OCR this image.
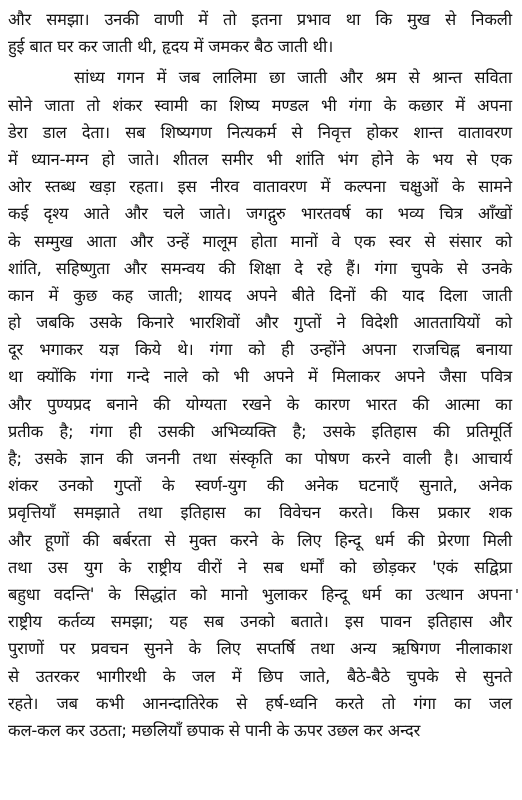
और समझा। उनकी वाणी में तो इतना प्रभाव था कि मुख से निकली
हुई बात घर कर जाती थी, हृदय में जमकर बैठ जाती थी।
सांध्य गगन में जब लालिमा छा जाती और श्रम से श्रान्त सविता
सोने जाता तो शंकर स्वामी का शिष्य मण्डल भी गंगा के कछार में अपना
डेरा डाल देता। सब शिष्यगण नित्यकर्म से निवृत्त होकर शान्त वातावरण
में ध्यान-मग्न हो जाते। शीतल समीर भी शांति भंग होने के भय से एक
ओर स्तब्ध खड़ा रहता। इस नीरव वातावरण में कल्पना चक्षुओं के सामने
कई दृश्य आते और चले जाते। जगद्गुरु भारतवर्ष का भव्य चित्र आँखों
के सम्मुख आता और उन्हें मालूम होता मानों वे एक स्वर से संसार को
शांति, सहिष्णुता और समन्वय की शिक्षा दे रहे हैं। गंगा चुपके से उनके
कान में कुछ कह जाती; शायद अपने बीते दिनों की याद दिला जाती
हो जबकि उसके किनारे भारशिवों और गुप्तों ने विदेशी आततायियों को
दूर भगाकर यज्ञ किये थे। गंगा को ही उन्होंने अपना राजचिह्न बनाया
था क्योंकि गंगा गन्दे नाले को भी अपने में मिलाकर अपने जैसा पवित्र
और पुण्यप्रद बनाने की योग्यता रखने के कारण भारत की आत्मा का
प्रतीक है; गंगा ही उसकी अभिव्यक्ति है; उसके इतिहास की प्रतिमूर्ति
है; उसके ज्ञान की जननी तथा संस्कृति का पोषण करने वाली है। आचार्य
शंकर उनको गुप्तों के स्वर्ण-युग की अनेक घटनाएँ सुनाते, अनेक
प्रवृत्तियाँ समझाते तथा इतिहास का विवेचन करते। किस प्रकार शक
और हूणों की बर्बरता से मुक्त करने के लिए हिन्दू धर्म की प्रेरणा मिली
तथा उस युग के राष्ट्रीय वीरों ने सब धर्मों को छोड़कर 'एकं सद्विप्रा
बहुधा वदन्ति' के सिद्धांत को मानो भुलाकर हिन्दू धर्म का उत्थान अपना
राष्ट्रीय कर्तव्य समझा; यह सब उनको बताते। इस पावन इतिहास और
पुराणों पर प्रवचन सुनने के लिए सप्तर्षि तथा अन्य ऋषिगण नीलाकाश
से उतरकर भागीरथी के जल में छिप जाते, बैठे-बैठे चुपके से सुनते
रहते। जब कभी आनन्दातिरेक से हर्ष-ध्वनि करते तो गंगा का जल
कल-कल कर उठता; मछलियाँ छपाक से पानी के ऊपर उछल कर अन्दर
